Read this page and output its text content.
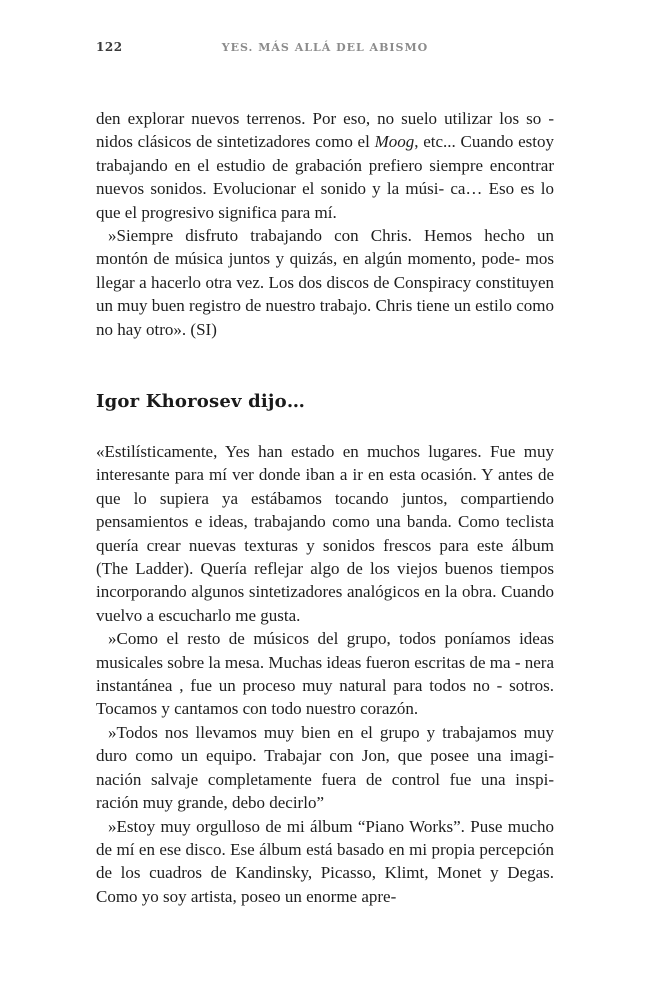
122	YES. MÁS ALLÁ DEL ABISMO

den explorar nuevos terrenos. Por eso, no suelo utilizar los so - nidos clásicos de sintetizadores como el Moog, etc... Cuando estoy trabajando en el estudio de grabación prefiero siempre encontrar nuevos sonidos. Evolucionar el sonido y la músi- ca… Eso es lo que el progresivo significa para mí.

»Siempre disfruto trabajando con Chris. Hemos hecho un montón de música juntos y quizás, en algún momento, pode- mos llegar a hacerlo otra vez. Los dos discos de Conspiracy constituyen un muy buen registro de nuestro trabajo. Chris tiene un estilo como no hay otro». (SI)

Igor Khorosev dijo…

«Estilísticamente, Yes han estado en muchos lugares. Fue muy interesante para mí ver donde iban a ir en esta ocasión. Y antes de que lo supiera ya estábamos tocando juntos, compartiendo pensamientos e ideas, trabajando como una banda. Como teclista quería crear nuevas texturas y sonidos frescos para este álbum (The Ladder). Quería reflejar algo de los viejos buenos tiempos incorporando algunos sintetizadores analógicos en la obra. Cuando vuelvo a escucharlo me gusta.

»Como el resto de músicos del grupo, todos poníamos ideas musicales sobre la mesa. Muchas ideas fueron escritas de ma - nera instantánea , fue un proceso muy natural para todos no - sotros. Tocamos y cantamos con todo nuestro corazón.

»Todos nos llevamos muy bien en el grupo y trabajamos muy duro como un equipo. Trabajar con Jon, que posee una imagi- nación salvaje completamente fuera de control fue una inspi- ración muy grande, debo decirlo”

»Estoy muy orgulloso de mi álbum “Piano Works”. Puse mucho de mí en ese disco. Ese álbum está basado en mi propia percepción de los cuadros de Kandinsky, Picasso, Klimt, Monet y Degas. Como yo soy artista, poseo un enorme apre-
